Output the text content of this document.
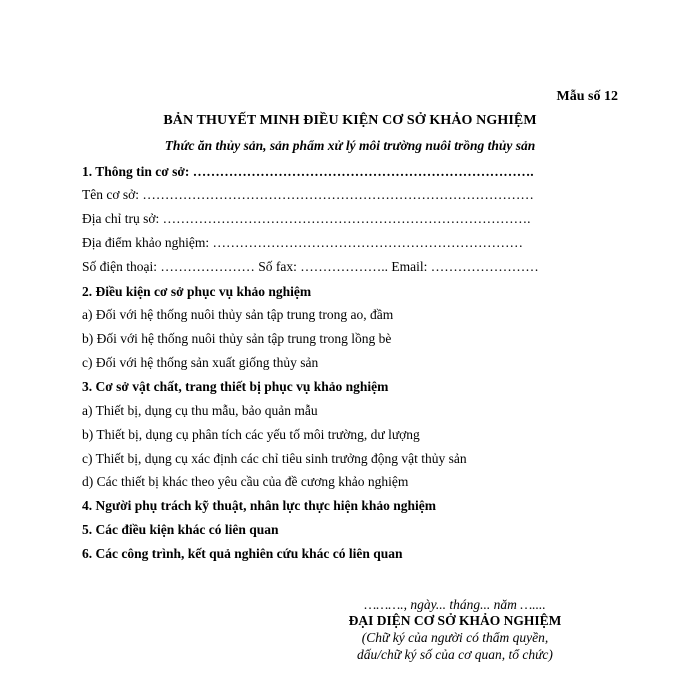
Mẫu số 12
BẢN THUYẾT MINH ĐIỀU KIỆN CƠ SỞ KHẢO NGHIỆM
Thức ăn thủy sản, sản phẩm xử lý môi trường nuôi trồng thủy sản
1. Thông tin cơ sở: ………………………………………………………………….
Tên cơ sở: ……………………………………………………………………………
Địa chỉ trụ sở: ……………………………………………………………………….
Địa điểm khảo nghiệm: ……………………………………………………………
Số điện thoại: ………………… Số fax: ……………….. Email: ……………………
2. Điều kiện cơ sở phục vụ khảo nghiệm
a) Đối với hệ thống nuôi thủy sản tập trung trong ao, đầm
b) Đối với hệ thống nuôi thủy sản tập trung trong lồng bè
c) Đối với hệ thống sản xuất giống thủy sản
3. Cơ sở vật chất, trang thiết bị phục vụ khảo nghiệm
a) Thiết bị, dụng cụ thu mẫu, bảo quản mẫu
b) Thiết bị, dụng cụ phân tích các yếu tố môi trường, dư lượng
c) Thiết bị, dụng cụ xác định các chỉ tiêu sinh trưởng động vật thủy sản
d) Các thiết bị khác theo yêu cầu của đề cương khảo nghiệm
4. Người phụ trách kỹ thuật, nhân lực thực hiện khảo nghiệm
5. Các điều kiện khác có liên quan
6. Các công trình, kết quả nghiên cứu khác có liên quan
………., ngày... tháng... năm …....
ĐẠI DIỆN CƠ SỞ KHẢO NGHIỆM
(Chữ ký của người có thẩm quyền,
dấu/chữ ký số của cơ quan, tổ chức)
